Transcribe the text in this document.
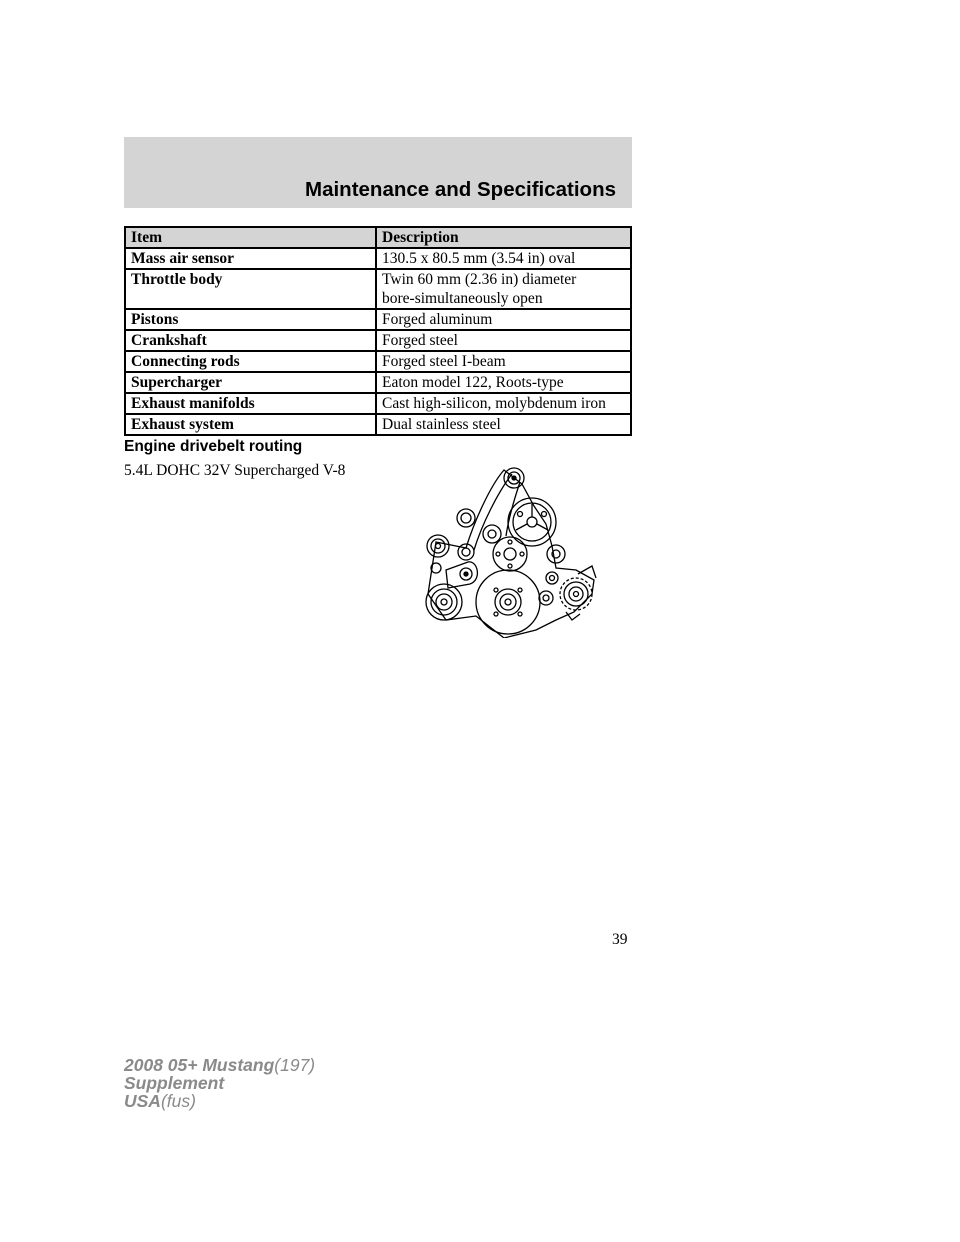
Maintenance and Specifications
Item	Description
Mass air sensor	130.5 x 80.5 mm (3.54 in) oval
Throttle body	Twin 60 mm (2.36 in) diameter
bore-simultaneously open

Pistons	Forged aluminum
Crankshaft	Forged steel
Connecting rods	Forged steel I-beam
Supercharger	Eaton model 122, Roots-type
Exhaust manifolds	Cast high-silicon, molybdenum iron
Exhaust system	Dual stainless steel
Engine drivebelt routing
5.4L DOHC 32V Supercharged V-8
39
2008 05+ Mustang(197)
Supplement
USA(fus)
